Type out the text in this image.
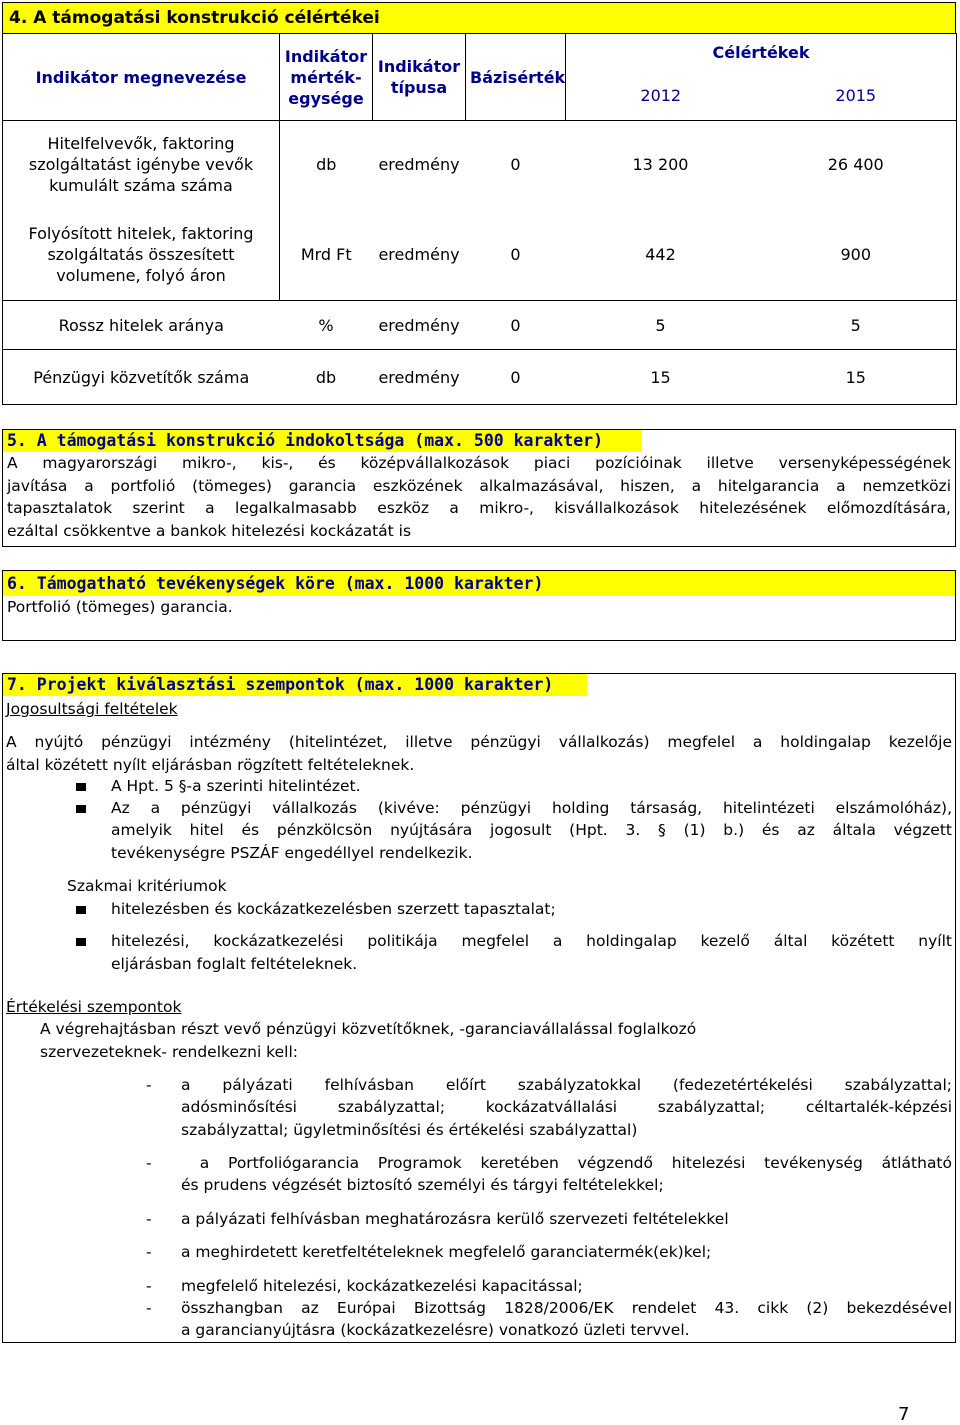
4. A támogatási konstrukció célértékei
Indikátor megnevezése	Indikátor mérték-egysége	Indikátor típusa	Bázisérték	Célértékek	
				2012	2015
Hitelfelvevők, faktoring szolgáltatást igénybe vevők kumulált száma száma	db	eredmény	0	13 200	26 400
Folyósított hitelek, faktoring szolgáltatás összesített volumene, folyó áron	Mrd Ft	eredmény	0	442	900
Rossz hitelek aránya	%	eredmény	0	5	5
Pénzügyi közvetítők száma	db	eredmény	0	15	15
5. A támogatási konstrukció indokoltsága (max. 500 karakter)
A magyarországi mikro-, kis-, és középvállalkozások piaci pozícióinak illetve versenyképességének
javítása a portfolió (tömeges) garancia eszközének alkalmazásával, hiszen, a hitelgarancia a nemzetközi
tapasztalatok szerint a legalkalmasabb eszköz a mikro-, kisvállalkozások hitelezésének előmozdítására,
ezáltal csökkentve a bankok hitelezési kockázatát is
6. Támogatható tevékenységek köre (max. 1000 karakter)
Portfolió (tömeges) garancia.
7. Projekt kiválasztási szempontok (max. 1000 karakter)
Jogosultsági feltételek
A nyújtó pénzügyi intézmény (hitelintézet, illetve pénzügyi vállalkozás) megfelel a holdingalap kezelője
által közétett nyílt eljárásban rögzített feltételeknek.
A Hpt. 5 §-a szerinti hitelintézet.
Az a pénzügyi vállalkozás (kivéve: pénzügyi holding társaság, hitelintézeti elszámolóház),
amelyik hitel és pénzkölcsön nyújtására jogosult (Hpt. 3. § (1) b.) és az általa végzett
tevékenységre PSZÁF engedéllyel rendelkezik.
Szakmai kritériumok
hitelezésben és kockázatkezelésben szerzett tapasztalat;
hitelezési, kockázatkezelési politikája megfelel a holdingalap kezelő által közétett nyílt
eljárásban foglalt feltételeknek.
Értékelési szempontok
A végrehajtásban részt vevő pénzügyi közvetítőknek, -garanciavállalással foglalkozó
szervezeteknek- rendelkezni kell:
- a pályázati felhívásban előírt szabályzatokkal (fedezetértékelési szabályzattal;
adósminősítési szabályzattal; kockázatvállalási szabályzattal; céltartalék-képzési
szabályzattal; ügyletminősítési és értékelési szabályzattal)
- a Portfoliógarancia Programok keretében végzendő hitelezési tevékenység átlátható
és prudens végzését biztosító személyi és tárgyi feltételekkel;
- a pályázati felhívásban meghatározásra kerülő szervezeti feltételekkel
- a meghirdetett keretfeltételeknek megfelelő garanciatermék(ek)kel;
- megfelelő hitelezési, kockázatkezelési kapacitással;
- összhangban az Európai Bizottság 1828/2006/EK rendelet 43. cikk (2) bekezdésével
a garancianyújtásra (kockázatkezelésre) vonatkozó üzleti tervvel.
7
